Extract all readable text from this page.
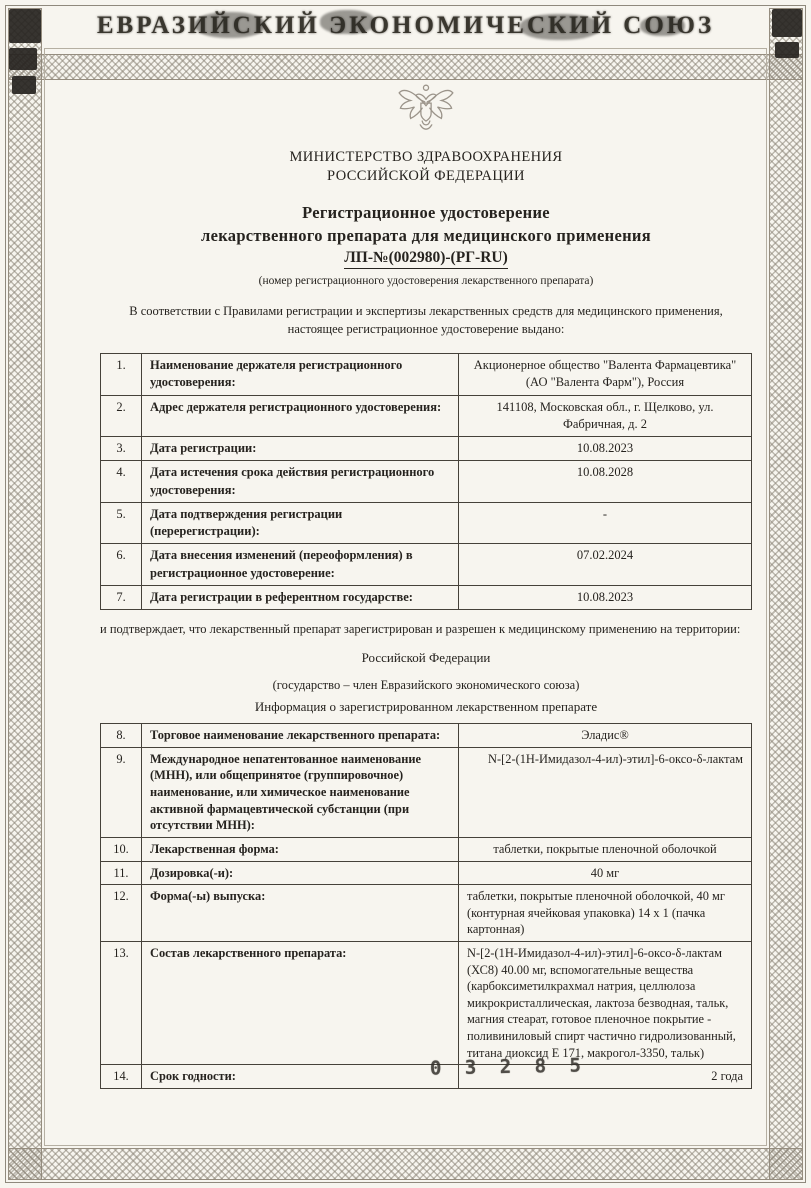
ЕВРАЗИЙСКИЙ ЭКОНОМИЧЕСКИЙ СОЮЗ
МИНИСТЕРСТВО ЗДРАВООХРАНЕНИЯ
РОССИЙСКОЙ ФЕДЕРАЦИИ
Регистрационное удостоверение
лекарственного препарата для медицинского применения
ЛП-№(002980)-(РГ-RU)
(номер регистрационного удостоверения лекарственного препарата)
В соответствии с Правилами регистрации и экспертизы лекарственных средств для медицинского применения, настоящее регистрационное удостоверение выдано:
1.	Наименование держателя регистрационного удостоверения:	Акционерное общество "Валента Фармацевтика" (АО "Валента Фарм"), Россия
2.	Адрес держателя регистрационного удостоверения:	141108, Московская обл., г. Щелково, ул. Фабричная, д. 2
3.	Дата регистрации:	10.08.2023
4.	Дата истечения срока действия регистрационного удостоверения:	10.08.2028
5.	Дата подтверждения регистрации (перерегистрации):	-
6.	Дата внесения изменений (переоформления) в регистрационное удостоверение:	07.02.2024
7.	Дата регистрации в референтном государстве:	10.08.2023
и подтверждает, что лекарственный препарат зарегистрирован и разрешен к медицинскому применению на территории:
Российской Федерации
(государство – член Евразийского экономического союза)
Информация о зарегистрированном лекарственном препарате
8.	Торговое наименование лекарственного препарата:	Эладис®
9.	Международное непатентованное наименование (МНН), или общепринятое (группировочное) наименование, или химическое наименование активной фармацевтической субстанции (при отсутствии МНН):	N-[2-(1Н-Имидазол-4-ил)-этил]-6-оксо-δ-лактам
10.	Лекарственная форма:	таблетки, покрытые пленочной оболочкой
11.	Дозировка(-и):	40 мг
12.	Форма(-ы) выпуска:	таблетки, покрытые пленочной оболочкой, 40 мг (контурная ячейковая упаковка) 14 х 1 (пачка картонная)
13.	Состав лекарственного препарата:	N-[2-(1Н-Имидазол-4-ил)-этил]-6-оксо-δ-лактам (ХС8) 40.00 мг, вспомогательные вещества (карбоксиметилкрахмал натрия, целлюлоза микрокристаллическая, лактоза безводная, тальк, магния стеарат, готовое пленочное покрытие - поливиниловый спирт частично гидролизованный, титана диоксид Е 171, макрогол-3350, тальк)
14.	Срок годности:	2 года
0 3 2 8 5
